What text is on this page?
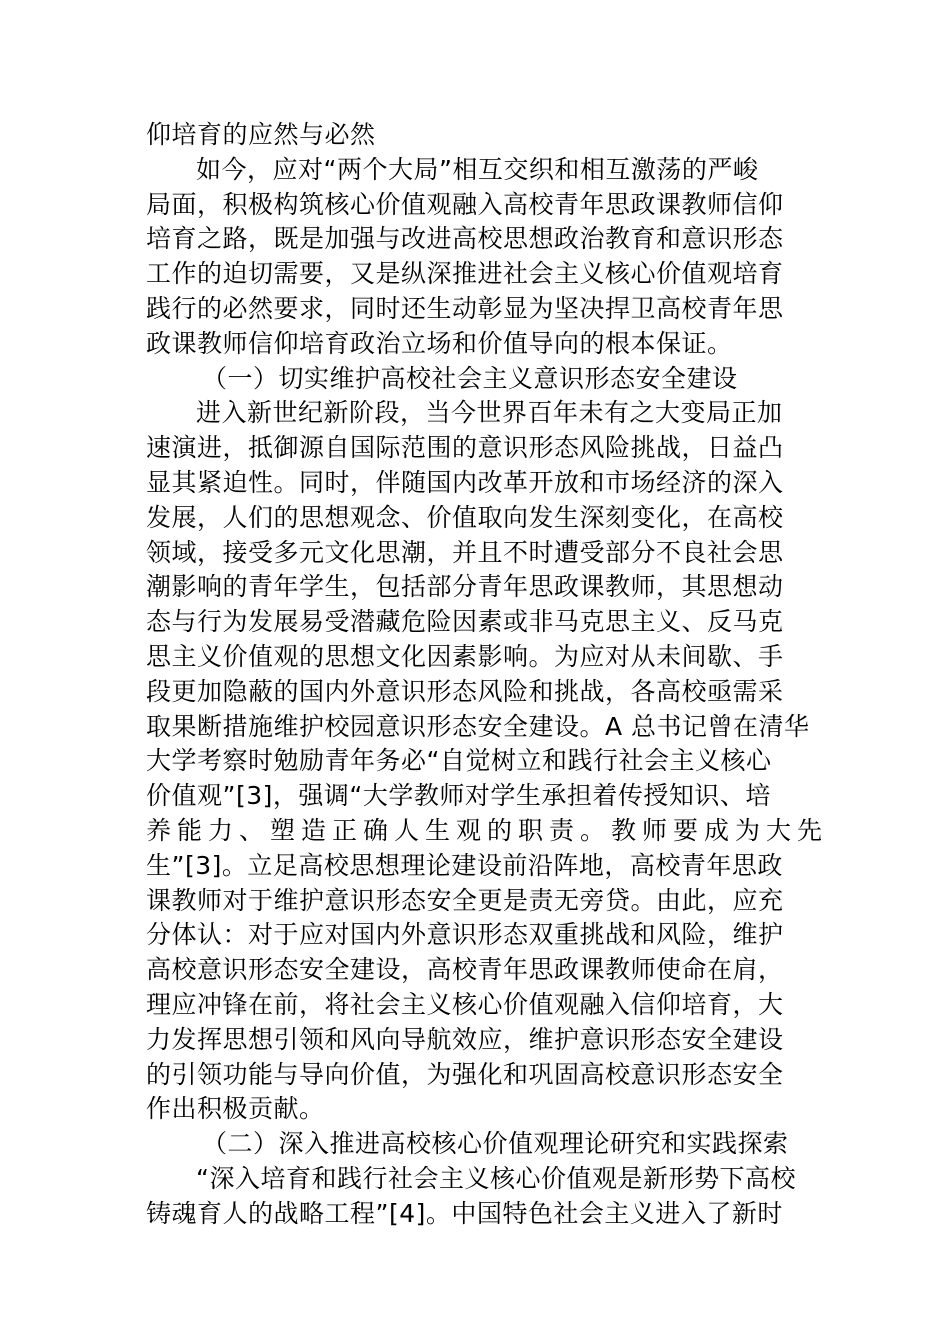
仰培育的应然与必然
如今，应对“两个大局”相互交织和相互激荡的严峻
局面，积极构筑核心价值观融入高校青年思政课教师信仰
培育之路，既是加强与改进高校思想政治教育和意识形态
工作的迫切需要，又是纵深推进社会主义核心价值观培育
践行的必然要求，同时还生动彰显为坚决捍卫高校青年思
政课教师信仰培育政治立场和价值导向的根本保证。
（一）切实维护高校社会主义意识形态安全建设
进入新世纪新阶段，当今世界百年未有之大变局正加
速演进，抵御源自国际范围的意识形态风险挑战，日益凸
显其紧迫性。同时，伴随国内改革开放和市场经济的深入
发展，人们的思想观念、价值取向发生深刻变化，在高校
领域，接受多元文化思潮，并且不时遭受部分不良社会思
潮影响的青年学生，包括部分青年思政课教师，其思想动
态与行为发展易受潜藏危险因素或非马克思主义、反马克
思主义价值观的思想文化因素影响。为应对从未间歇、手
段更加隐蔽的国内外意识形态风险和挑战，各高校亟需采
取果断措施维护校园意识形态安全建设。A 总书记曾在清华
大学考察时勉励青年务必“自觉树立和践行社会主义核心
价值观”[3]，强调“大学教师对学生承担着传授知识、培
养能力、塑造正确人生观的职责。教师要成为大先
生”[3]。立足高校思想理论建设前沿阵地，高校青年思政
课教师对于维护意识形态安全更是责无旁贷。由此，应充
分体认：对于应对国内外意识形态双重挑战和风险，维护
高校意识形态安全建设，高校青年思政课教师使命在肩，
理应冲锋在前，将社会主义核心价值观融入信仰培育，大
力发挥思想引领和风向导航效应，维护意识形态安全建设
的引领功能与导向价值，为强化和巩固高校意识形态安全
作出积极贡献。
（二）深入推进高校核心价值观理论研究和实践探索
“深入培育和践行社会主义核心价值观是新形势下高校
铸魂育人的战略工程”[4]。中国特色社会主义进入了新时
